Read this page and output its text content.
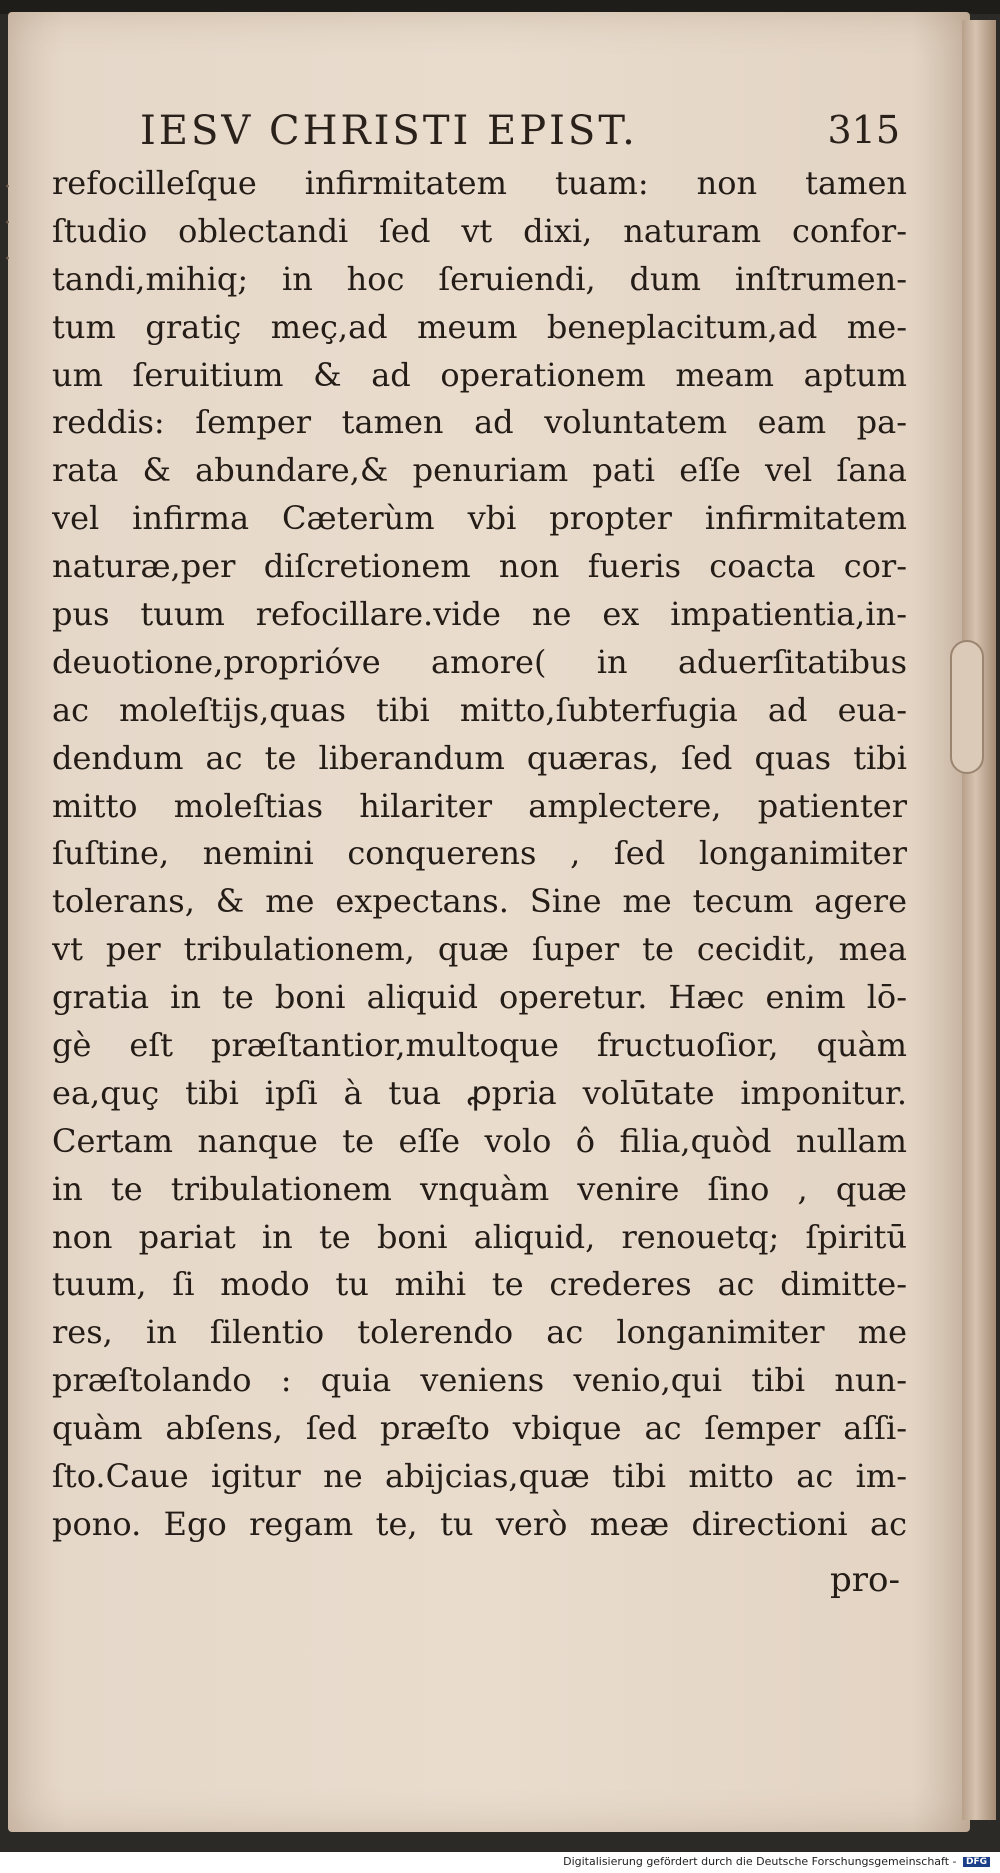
·
·
·
IESV CHRISTI EPIST.	315
refocilleſque infirmitatem tuam: non tamen
ſtudio oblectandi ſed vt dixi, naturam confor-
tandi,mihiq; in hoc ſeruiendi, dum inſtrumen-
tum gratiç meç,ad meum beneplacitum,ad me-
um ſeruitium & ad operationem meam aptum
reddis: ſemper tamen ad voluntatem eam pa-
rata & abundare,& penuriam pati eſſe vel ſana
vel infirma Cæterùm vbi propter infirmitatem
naturæ,per diſcretionem non fueris coacta cor-
pus tuum refocillare.vide ne ex impatientia,in-
deuotione,proprióve amore( in aduerſitatibus
ac moleſtijs,quas tibi mitto,ſubterfugia ad eua-
dendum ac te liberandum quæras, ſed quas tibi
mitto moleſtias hilariter amplectere, patienter
ſuſtine, nemini conquerens , ſed longanimiter
tolerans, & me expectans. Sine me tecum agere
vt per tribulationem, quæ ſuper te cecidit, mea
gratia in te boni aliquid operetur. Hæc enim lō-
gè eſt præſtantior,multoque fructuoſior, quàm
ea,quç tibi ipſi à tua ꝓpria volūtate imponitur.
Certam nanque te eſſe volo ô filia,quòd nullam
in te tribulationem vnquàm venire ſino , quæ
non pariat in te boni aliquid, renouetq; ſpiritū
tuum, ſi modo tu mihi te crederes ac dimitte-
res, in ſilentio tolerendo ac longanimiter me
præſtolando : quia veniens venio,qui tibi nun-
quàm abſens, ſed præſto vbique ac ſemper aſſi-
ſto.Caue igitur ne abijcias,quæ tibi mitto ac im-
pono. Ego regam te, tu verò meæ directioni ac
pro-
Digitalisierung gefördert durch die Deutsche Forschungsgemeinschaft - DFG
